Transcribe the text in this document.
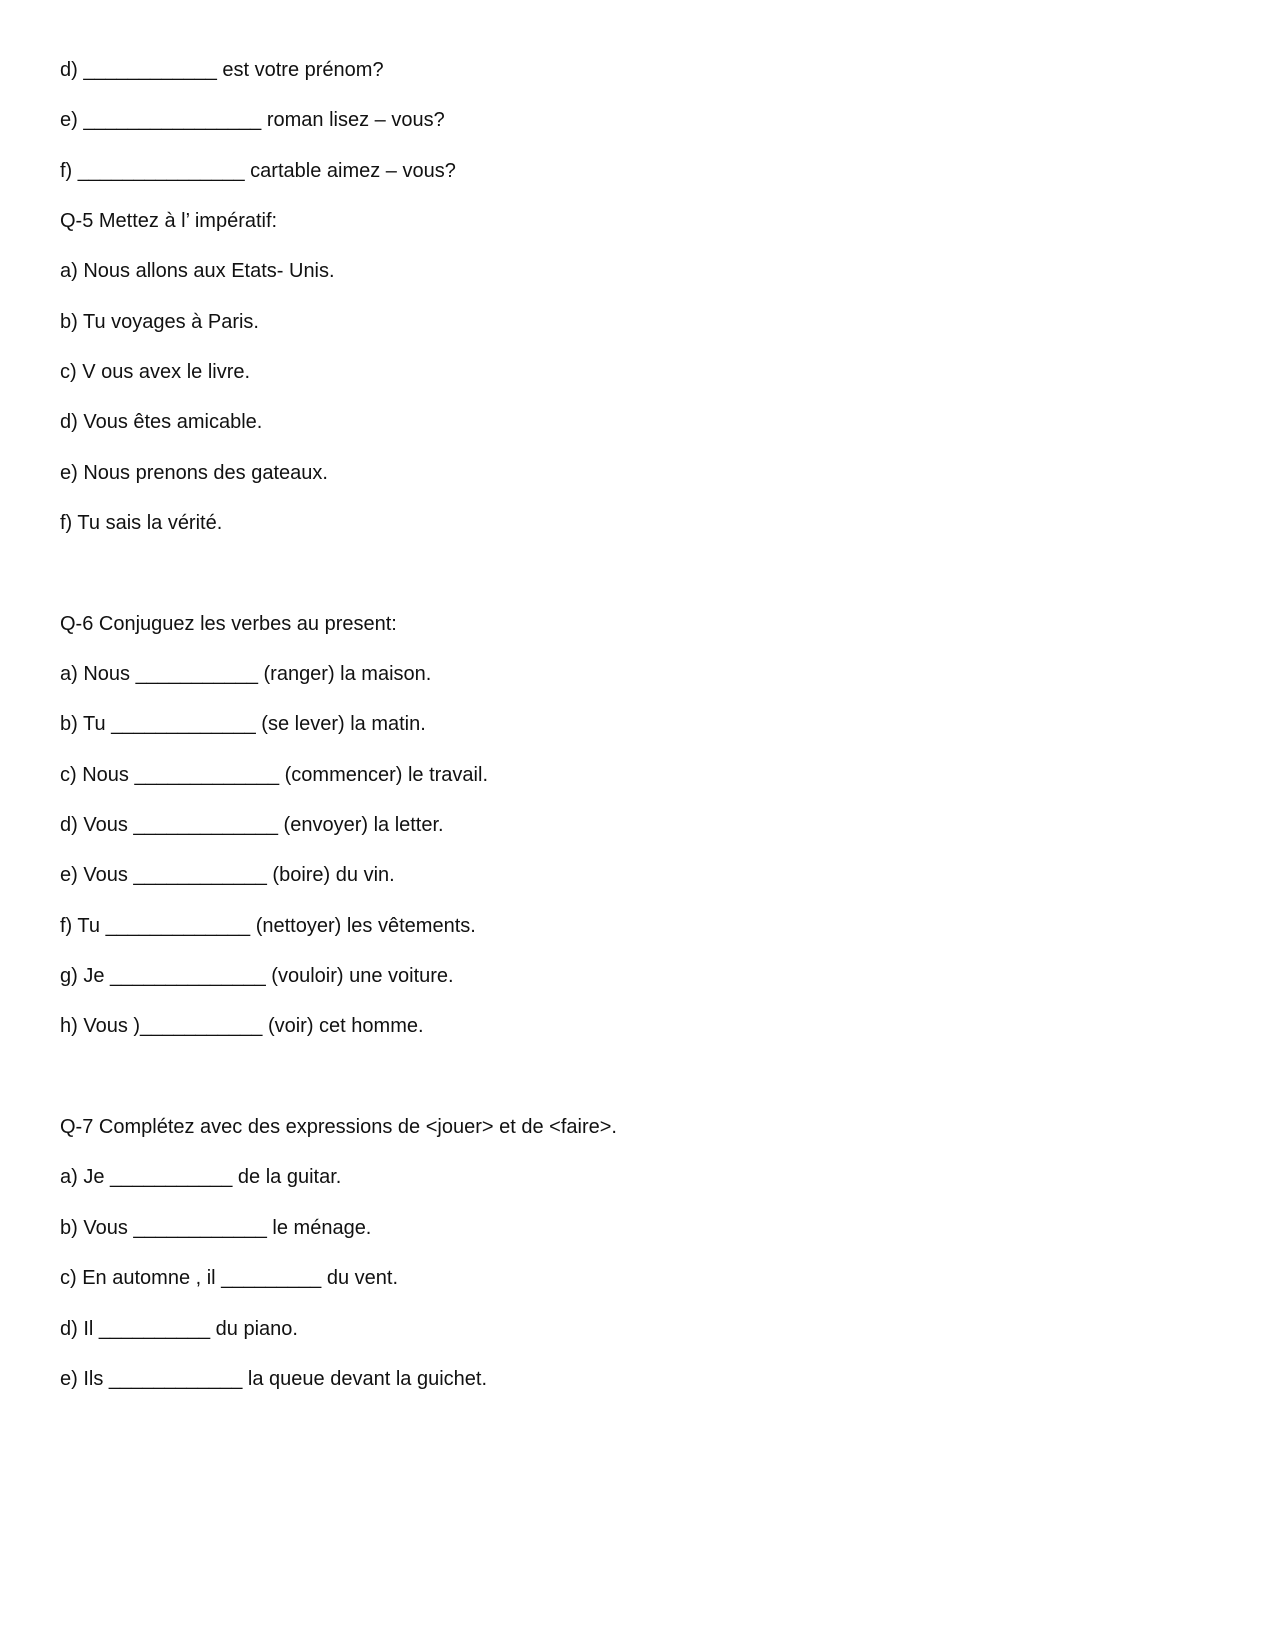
d) ____________ est votre prénom?
e) ________________ roman lisez – vous?
f) _______________ cartable aimez – vous?
Q-5 Mettez à l’ impératif:
a) Nous allons aux Etats- Unis.
b) Tu voyages à Paris.
c) V ous avex le livre.
d) Vous êtes amicable.
e) Nous prenons des gateaux.
f) Tu sais la vérité.
Q-6 Conjuguez les verbes au present:
a) Nous ___________ (ranger) la maison.
b) Tu _____________ (se lever) la matin.
c) Nous _____________ (commencer) le travail.
d) Vous _____________ (envoyer) la letter.
e) Vous ____________ (boire) du vin.
f) Tu _____________ (nettoyer) les vêtements.
g) Je ______________ (vouloir) une voiture.
h) Vous )___________ (voir) cet homme.
Q-7 Complétez avec des expressions de <jouer> et de <faire>.
a) Je ___________ de la guitar.
b) Vous ____________ le ménage.
c) En automne , il _________ du vent.
d) Il __________ du piano.
e) Ils ____________ la queue devant la guichet.
